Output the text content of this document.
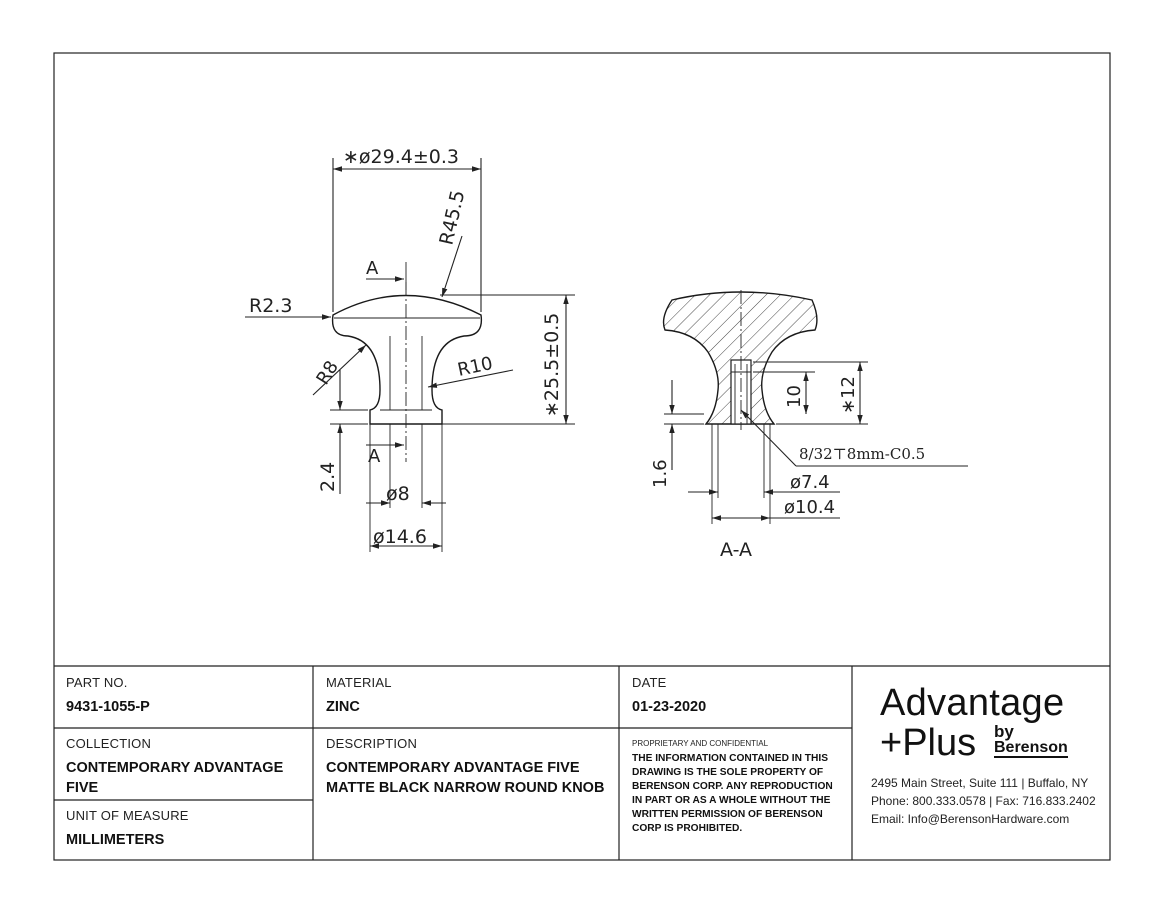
∗ø29.4±0.3
R45.5
A
R2.3
R8	R10 ∗25.5±0.5
2.4
A
ø8
ø14.6
1.6
10 ∗12
8/32⊤8mm-C0.5
ø7.4
ø10.4
A-A
PART NO.
9431-1055-P
MATERIAL
ZINC
DATE
01-23-2020
COLLECTION
CONTEMPORARY ADVANTAGE
FIVE
DESCRIPTION
CONTEMPORARY ADVANTAGE FIVE
MATTE BLACK NARROW ROUND KNOB
UNIT OF MEASURE
MILLIMETERS
PROPRIETARY AND CONFIDENTIAL
THE INFORMATION CONTAINED IN THIS DRAWING IS THE SOLE PROPERTY OF BERENSON CORP. ANY REPRODUCTION IN PART OR AS A WHOLE WITHOUT THE WRITTEN PERMISSION OF BERENSON CORP IS PROHIBITED.
Advantage
+Plus by
Berenson
2495 Main Street, Suite 111 | Buffalo, NY
Phone: 800.333.0578 | Fax: 716.833.2402
Email: Info@BerensonHardware.com
